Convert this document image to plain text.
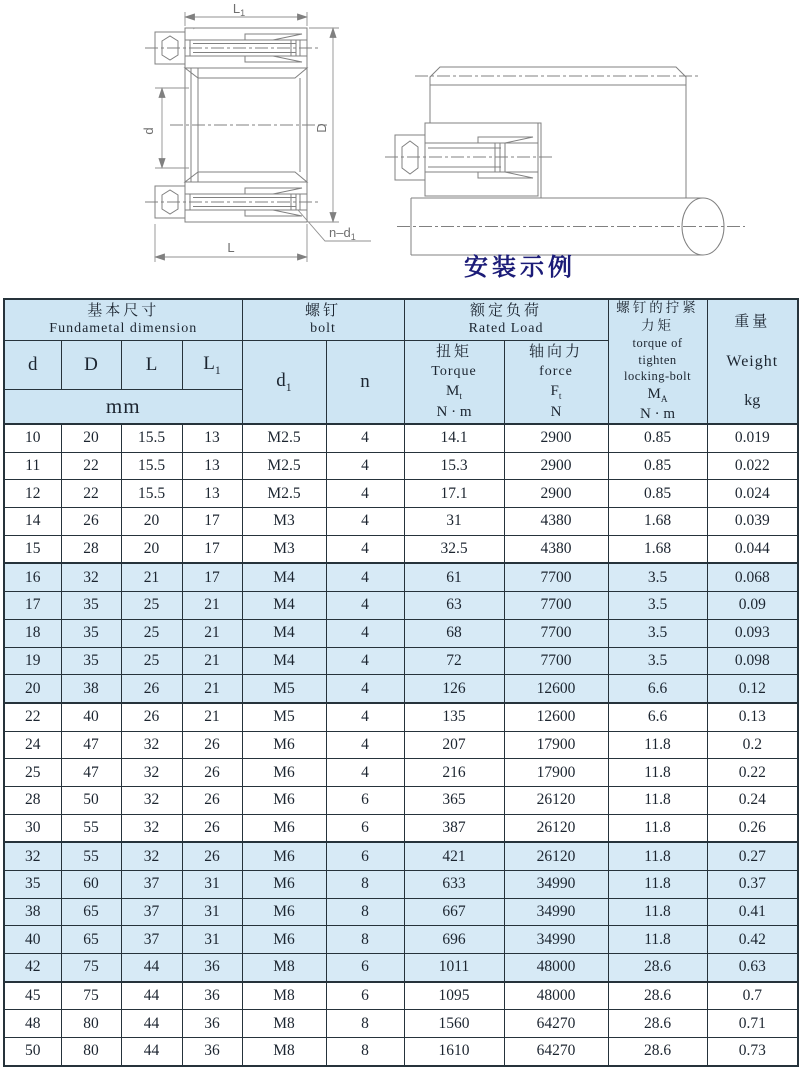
$L_1$
d	D
L
$n-d_1$
安装示例
基本尺寸
Fundametal dimension

螺钉
bolt

额定负荷
Rated Load

螺钉的拧紧
力矩
torque of
tighten
locking-bolt
$M_A$
N · m

重量
Weight
kg

d	D	L	$L_1$	$d_1$	n	
扭矩
Torque
$M_t$
N · m

轴向力
force
$F_t$
N

mm									
10	20	15.5	13	M2.5	4	14.1	2900	0.85	0.019
11	22	15.5	13	M2.5	4	15.3	2900	0.85	0.022
12	22	15.5	13	M2.5	4	17.1	2900	0.85	0.024
14	26	20	17	M3	4	31	4380	1.68	0.039
15	28	20	17	M3	4	32.5	4380	1.68	0.044
16	32	21	17	M4	4	61	7700	3.5	0.068
17	35	25	21	M4	4	63	7700	3.5	0.09
18	35	25	21	M4	4	68	7700	3.5	0.093
19	35	25	21	M4	4	72	7700	3.5	0.098
20	38	26	21	M5	4	126	12600	6.6	0.12
22	40	26	21	M5	4	135	12600	6.6	0.13
24	47	32	26	M6	4	207	17900	11.8	0.2
25	47	32	26	M6	4	216	17900	11.8	0.22
28	50	32	26	M6	6	365	26120	11.8	0.24
30	55	32	26	M6	6	387	26120	11.8	0.26
32	55	32	26	M6	6	421	26120	11.8	0.27
35	60	37	31	M6	8	633	34990	11.8	0.37
38	65	37	31	M6	8	667	34990	11.8	0.41
40	65	37	31	M6	8	696	34990	11.8	0.42
42	75	44	36	M8	6	1011	48000	28.6	0.63
45	75	44	36	M8	6	1095	48000	28.6	0.7
48	80	44	36	M8	8	1560	64270	28.6	0.71
50	80	44	36	M8	8	1610	64270	28.6	0.73
